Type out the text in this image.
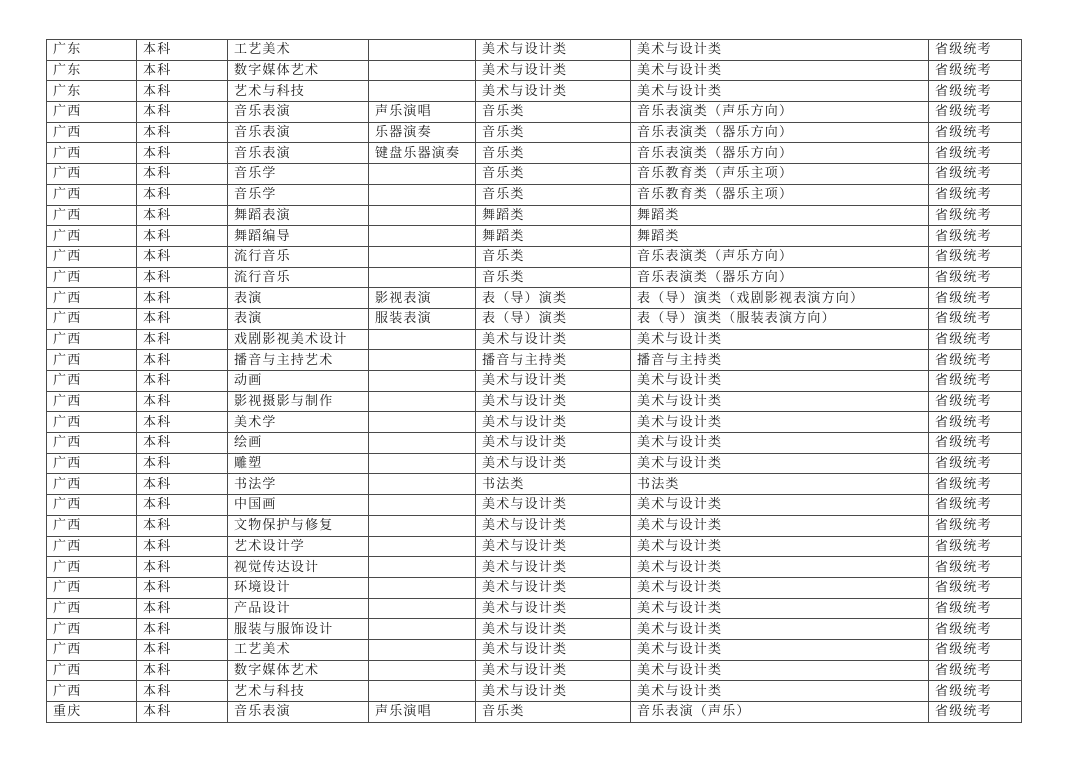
广东	本科	工艺美术		美术与设计类	美术与设计类	省级统考
广东	本科	数字媒体艺术		美术与设计类	美术与设计类	省级统考
广东	本科	艺术与科技		美术与设计类	美术与设计类	省级统考
广西	本科	音乐表演	声乐演唱	音乐类	音乐表演类（声乐方向）	省级统考
广西	本科	音乐表演	乐器演奏	音乐类	音乐表演类（器乐方向）	省级统考
广西	本科	音乐表演	键盘乐器演奏	音乐类	音乐表演类（器乐方向）	省级统考
广西	本科	音乐学		音乐类	音乐教育类（声乐主项）	省级统考
广西	本科	音乐学		音乐类	音乐教育类（器乐主项）	省级统考
广西	本科	舞蹈表演		舞蹈类	舞蹈类	省级统考
广西	本科	舞蹈编导		舞蹈类	舞蹈类	省级统考
广西	本科	流行音乐		音乐类	音乐表演类（声乐方向）	省级统考
广西	本科	流行音乐		音乐类	音乐表演类（器乐方向）	省级统考
广西	本科	表演	影视表演	表（导）演类	表（导）演类（戏剧影视表演方向）	省级统考
广西	本科	表演	服装表演	表（导）演类	表（导）演类（服装表演方向）	省级统考
广西	本科	戏剧影视美术设计		美术与设计类	美术与设计类	省级统考
广西	本科	播音与主持艺术		播音与主持类	播音与主持类	省级统考
广西	本科	动画		美术与设计类	美术与设计类	省级统考
广西	本科	影视摄影与制作		美术与设计类	美术与设计类	省级统考
广西	本科	美术学		美术与设计类	美术与设计类	省级统考
广西	本科	绘画		美术与设计类	美术与设计类	省级统考
广西	本科	雕塑		美术与设计类	美术与设计类	省级统考
广西	本科	书法学		书法类	书法类	省级统考
广西	本科	中国画		美术与设计类	美术与设计类	省级统考
广西	本科	文物保护与修复		美术与设计类	美术与设计类	省级统考
广西	本科	艺术设计学		美术与设计类	美术与设计类	省级统考
广西	本科	视觉传达设计		美术与设计类	美术与设计类	省级统考
广西	本科	环境设计		美术与设计类	美术与设计类	省级统考
广西	本科	产品设计		美术与设计类	美术与设计类	省级统考
广西	本科	服装与服饰设计		美术与设计类	美术与设计类	省级统考
广西	本科	工艺美术		美术与设计类	美术与设计类	省级统考
广西	本科	数字媒体艺术		美术与设计类	美术与设计类	省级统考
广西	本科	艺术与科技		美术与设计类	美术与设计类	省级统考
重庆	本科	音乐表演	声乐演唱	音乐类	音乐表演（声乐）	省级统考
